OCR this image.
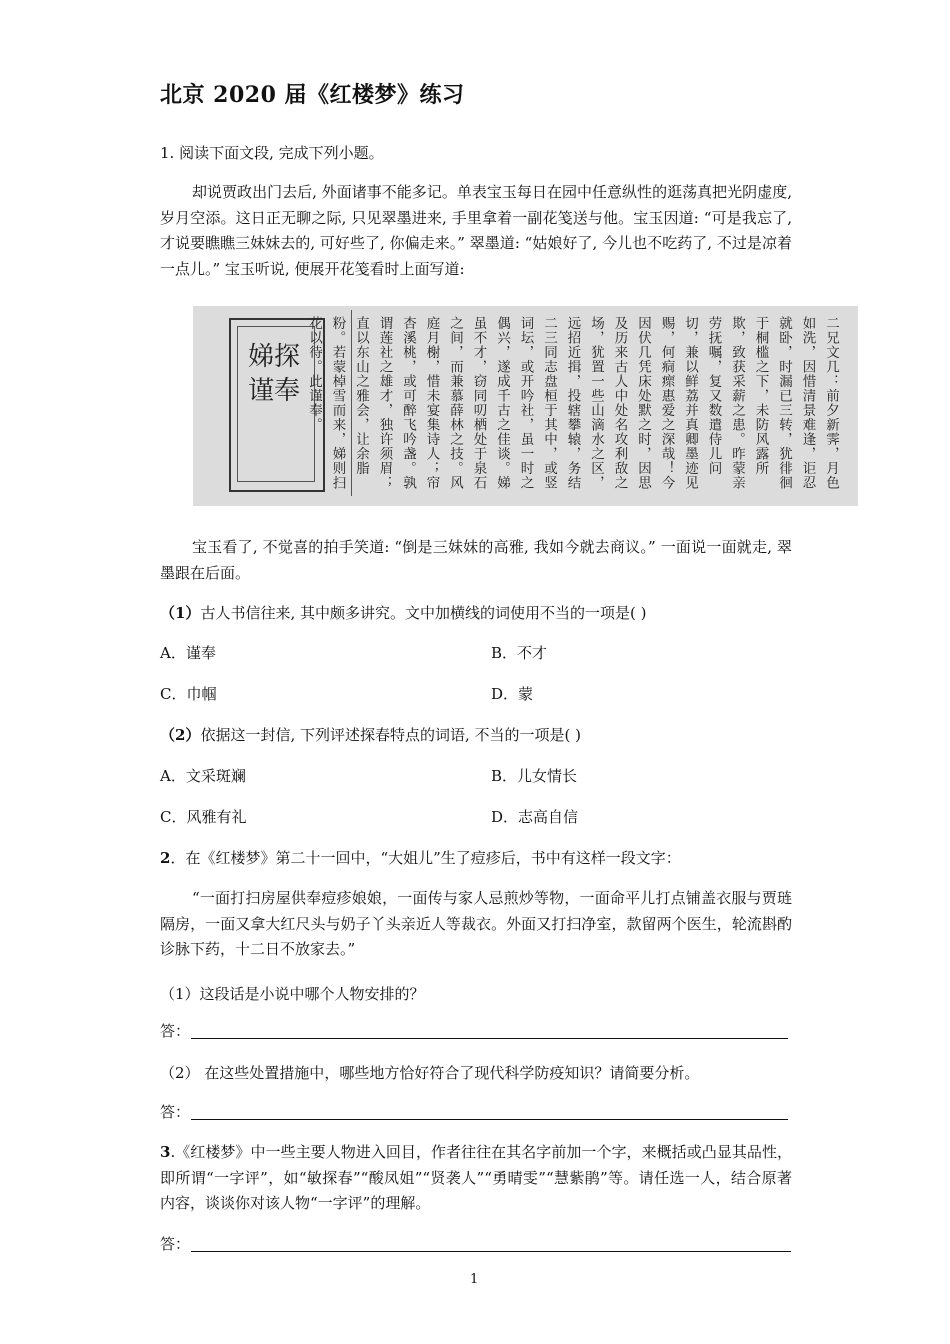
北京 2020 届《红楼梦》练习
1. 阅读下面文段, 完成下列小题。
却说贾政出门去后, 外面诸事不能多记。单表宝玉每日在园中任意纵性的逛荡真把光阴虚度, 岁月空添。这日正无聊之际, 只见翠墨进来, 手里拿着一副花笺送与他。宝玉因道: “可是我忘了, 才说要瞧瞧三妹妹去的, 可好些了, 你偏走来。” 翠墨道: “姑娘好了, 今儿也不吃药了, 不过是凉着一点儿。” 宝玉听说, 便展开花笺看时上面写道:
娣探谨奉	二兄文几：前夕新霁，月色如洗，因惜清景难逢，讵忍就卧，时漏已三转，犹徘徊于桐槛之下，未防风露所欺，致获采薪之患。昨蒙亲劳抚嘱，复又数遣侍儿问切，兼以鲜荔并真卿墨迹见赐，何痌瘝惠爱之深哉！今因伏几凭床处默之时，因思及历来古人中处名攻利敌之场，犹置一些山滴水之区，远招近揖，投辖攀辕，务结二三同志盘桓于其中，或竖词坛，或开吟社，虽一时之偶兴，遂成千古之佳谈。娣虽不才，窃同叨栖处于泉石之间，而兼慕薛林之技。风庭月榭，惜未宴集诗人；帘杏溪桃，或可醉飞吟盏。孰谓莲社之雄才，独许须眉；直以东山之雅会，让余脂粉。若蒙棹雪而来，娣则扫花以待。此谨奉。
宝玉看了, 不觉喜的拍手笑道: “倒是三妹妹的高雅, 我如今就去商议。” 一面说一面就走, 翠墨跟在后面。
（1）古人书信往来, 其中颇多讲究。文中加横线的词使用不当的一项是( )
A．谨奉	B．不才
C．巾帼	D．蒙
（2）依据这一封信, 下列评述探春特点的词语, 不当的一项是( )
A．文采斑斓	B．儿女情长
C．风雅有礼	D．志高自信
2．在《红楼梦》第二十一回中，“大姐儿”生了痘疹后，书中有这样一段文字：
“一面打扫房屋供奉痘疹娘娘，一面传与家人忌煎炒等物，一面命平儿打点铺盖衣服与贾琏隔房，一面又拿大红尺头与奶子丫头亲近人等裁衣。外面又打扫净室，款留两个医生，轮流斟酌诊脉下药，十二日不放家去。”
（1）这段话是小说中哪个人物安排的？
答：
（2） 在这些处置措施中，哪些地方恰好符合了现代科学防疫知识？请简要分析。
答：
3.《红楼梦》中一些主要人物进入回目，作者往往在其名字前加一个字，来概括或凸显其品性，即所谓“一字评”，如“敏探春”“酸凤姐”“贤袭人”“勇晴雯”“慧紫鹃”等。请任选一人，结合原著内容，谈谈你对该人物“一字评”的理解。
答：
1
